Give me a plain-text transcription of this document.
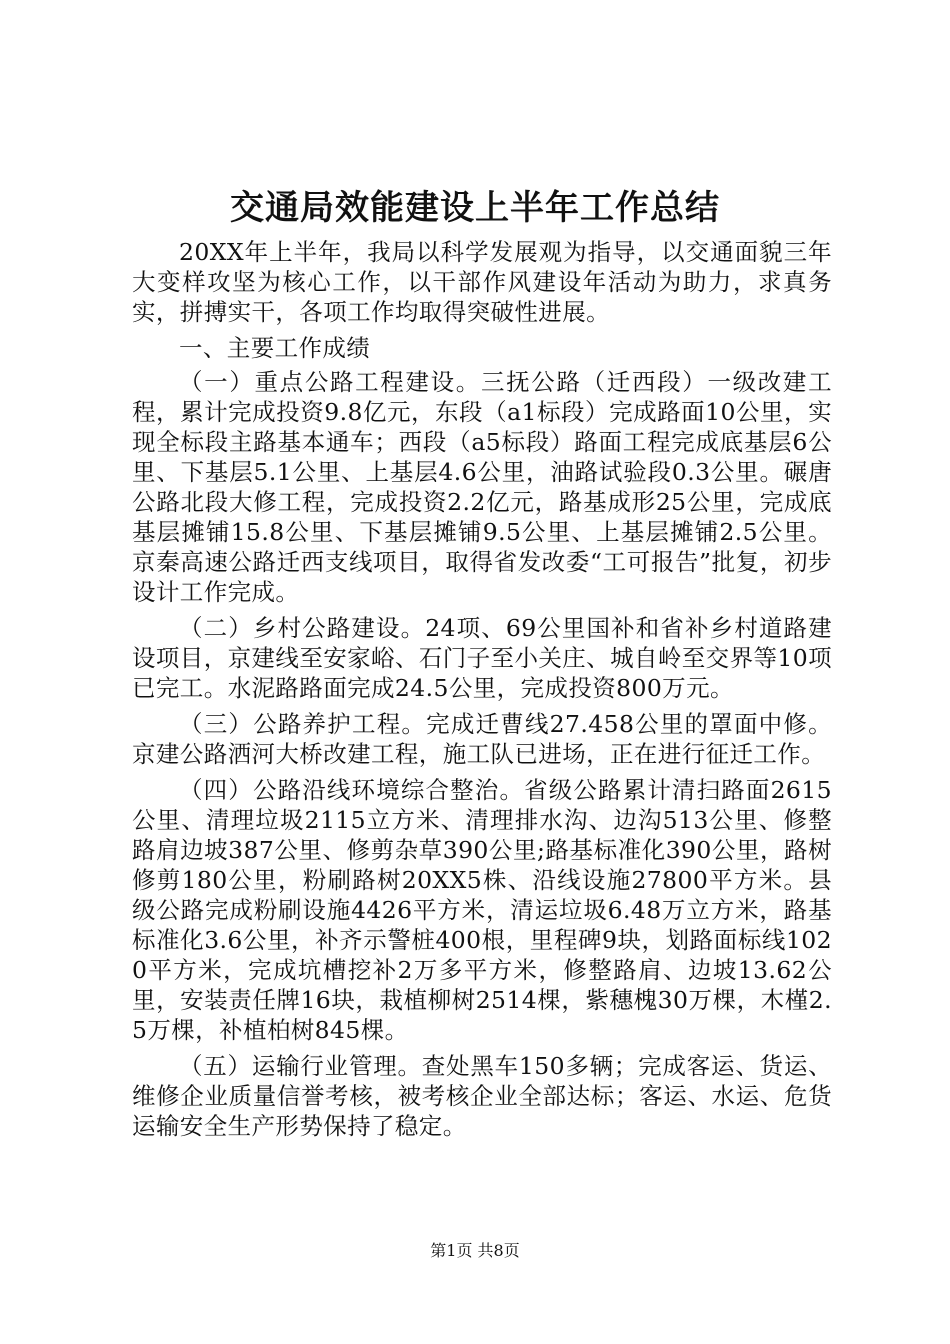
交通局效能建设上半年工作总结

20XX年上半年，我局以科学发展观为指导，以交通面貌三年大变样攻坚为核心工作，以干部作风建设年活动为助力，求真务实，拼搏实干，各项工作均取得突破性进展。

一、主要工作成绩

（一）重点公路工程建设。三抚公路（迁西段）一级改建工程，累计完成投资9.8亿元，东段（a1标段）完成路面10公里，实现全标段主路基本通车；西段（a5标段）路面工程完成底基层6公里、下基层5.1公里、上基层4.6公里，油路试验段0.3公里。碾唐公路北段大修工程，完成投资2.2亿元，路基成形25公里，完成底基层摊铺15.8公里、下基层摊铺9.5公里、上基层摊铺2.5公里。京秦高速公路迁西支线项目，取得省发改委“工可报告”批复，初步设计工作完成。

（二）乡村公路建设。24项、69公里国补和省补乡村道路建设项目，京建线至安家峪、石门子至小关庄、城自岭至交界等10项已完工。水泥路路面完成24.5公里，完成投资800万元。

（三）公路养护工程。完成迁曹线27.458公里的罩面中修。京建公路洒河大桥改建工程，施工队已进场，正在进行征迁工作。

（四）公路沿线环境综合整治。省级公路累计清扫路面2615公里、清理垃圾2115立方米、清理排水沟、边沟513公里、修整路肩边坡387公里、修剪杂草390公里;路基标准化390公里，路树修剪180公里，粉刷路树20XX5株、沿线设施27800平方米。县级公路完成粉刷设施4426平方米，清运垃圾6.48万立方米，路基标准化3.6公里，补齐示警桩400根，里程碑9块，划路面标线1020平方米，完成坑槽挖补2万多平方米，修整路肩、边坡13.62公里，安装责任牌16块，栽植柳树2514棵，紫穗槐30万棵，木槿2.5万棵，补植柏树845棵。

（五）运输行业管理。查处黑车150多辆；完成客运、货运、维修企业质量信誉考核，被考核企业全部达标；客运、水运、危货运输安全生产形势保持了稳定。

第1页 共8页
